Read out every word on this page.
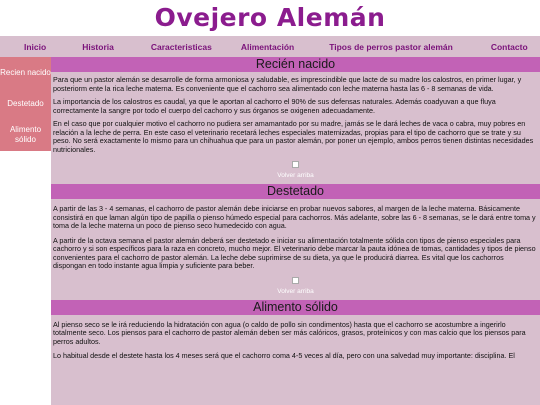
Ovejero Alemán
Inicio	Historia	Caracteristicas	Alimentación	Tipos de perros pastor alemán	Contacto
Recien nacido
Destetado
Alimento sólido
Recién nacido

Para que un pastor alemán se desarrolle de forma armoniosa y saludable, es imprescindible que lacte de su madre los calostros, en primer lugar, y posteriorm ente la rica leche materna. Es conveniente que el cachorro sea alimentado con leche materna hasta las 6 - 8 semanas de vida.

La importancia de los calostros es caudal, ya que le aportan al cachorro el 90% de sus defensas naturales. Además coadyuvan a que fluya correctamente la sangre por todo el cuerpo del cachorro y sus órganos se oxigenen adecuadamente.

En el caso que por cualquier motivo el cachorro no pudiera ser amamantado por su madre, jamás se le dará leches de vaca o cabra, muy pobres en relación a la leche de perra. En este caso el veterinario recetará leches especiales maternizadas, propias para el tipo de cachorro que se trate y su peso. No será exactamente lo mismo para un chihuahua que para un pastor alemán, por poner un ejemplo, ambos perros tienen distintas necesidades nutricionales.

Volver arriba
Destetado

A partir de las 3 - 4 semanas, el cachorro de pastor alemán debe iniciarse en probar nuevos sabores, al margen de la leche materna. Básicamente consistirá en que laman algún tipo de papilla o pienso húmedo especial para cachorros. Más adelante, sobre las 6 - 8 semanas, se le dará entre toma y toma de la leche materna un poco de pienso seco humedecido con agua.

A partir de la octava semana el pastor alemán deberá ser destetado e iniciar su alimentación totalmente sólida con tipos de pienso especiales para cachorro y si son específicos para la raza en concreto, mucho mejor. El veterinario debe marcar la pauta idónea de tomas, cantidades y tipos de pienso convenientes para el cachorro de pastor alemán. La leche debe suprimirse de su dieta, ya que le producirá diarrea. Es vital que los cachorros dispongan en todo instante agua limpia y suficiente para beber.

Volver arriba
Alimento sólido

Al pienso seco se le irá reduciendo la hidratación con agua (o caldo de pollo sin condimentos) hasta que el cachorro se acostumbre a ingerirlo totalmente seco. Los piensos para el cachorro de pastor alemán deben ser más calóricos, grasos, proteínicos y con mas calcio que los piensos para perros adultos.

Lo habitual desde el destete hasta los 4 meses será que el cachorro coma 4-5 veces al día, pero con una salvedad muy importante: disciplina. El
